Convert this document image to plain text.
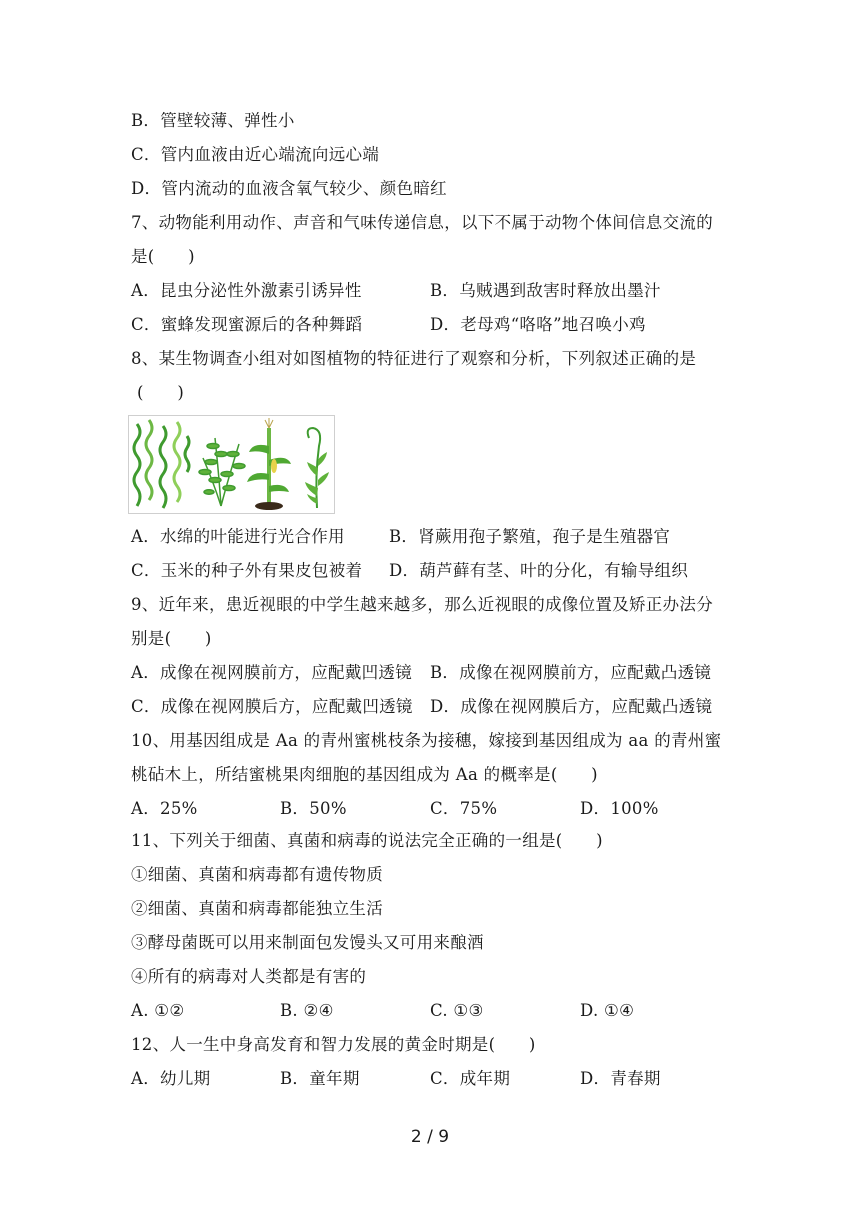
B．管壁较薄、弹性小
C．管内血液由近心端流向远心端
D．管内流动的血液含氧气较少、颜色暗红
7、动物能利用动作、声音和气味传递信息，以下不属于动物个体间信息交流的
是(　　)
A．昆虫分泌性外激素引诱异性	B．乌贼遇到敌害时释放出墨汁
C．蜜蜂发现蜜源后的各种舞蹈	D．老母鸡“咯咯”地召唤小鸡
8、某生物调查小组对如图植物的特征进行了观察和分析，下列叙述正确的是
(　　)
A．水绵的叶能进行光合作用	B．肾蕨用孢子繁殖，孢子是生殖器官
C．玉米的种子外有果皮包被着 D．葫芦藓有茎、叶的分化，有输导组织
9、近年来，患近视眼的中学生越来越多，那么近视眼的成像位置及矫正办法分
别是(　　)
A．成像在视网膜前方，应配戴凹透镜 B．成像在视网膜前方，应配戴凸透镜
C．成像在视网膜后方，应配戴凹透镜 D．成像在视网膜后方，应配戴凸透镜
10、用基因组成是 Aa 的青州蜜桃枝条为接穗，嫁接到基因组成为 aa 的青州蜜
桃砧木上，所结蜜桃果肉细胞的基因组成为 Aa 的概率是(　　)
A．25%	B．50%	C．75%	D．100%
11、下列关于细菌、真菌和病毒的说法完全正确的一组是(　　)
①细菌、真菌和病毒都有遗传物质
②细菌、真菌和病毒都能独立生活
③酵母菌既可以用来制面包发馒头又可用来酿酒
④所有的病毒对人类都是有害的
A. ①②	B. ②④	C. ①③	D. ①④
12、人一生中身高发育和智力发展的黄金时期是(　　)
A．幼儿期	B．童年期	C．成年期	D．青春期
2 / 9
